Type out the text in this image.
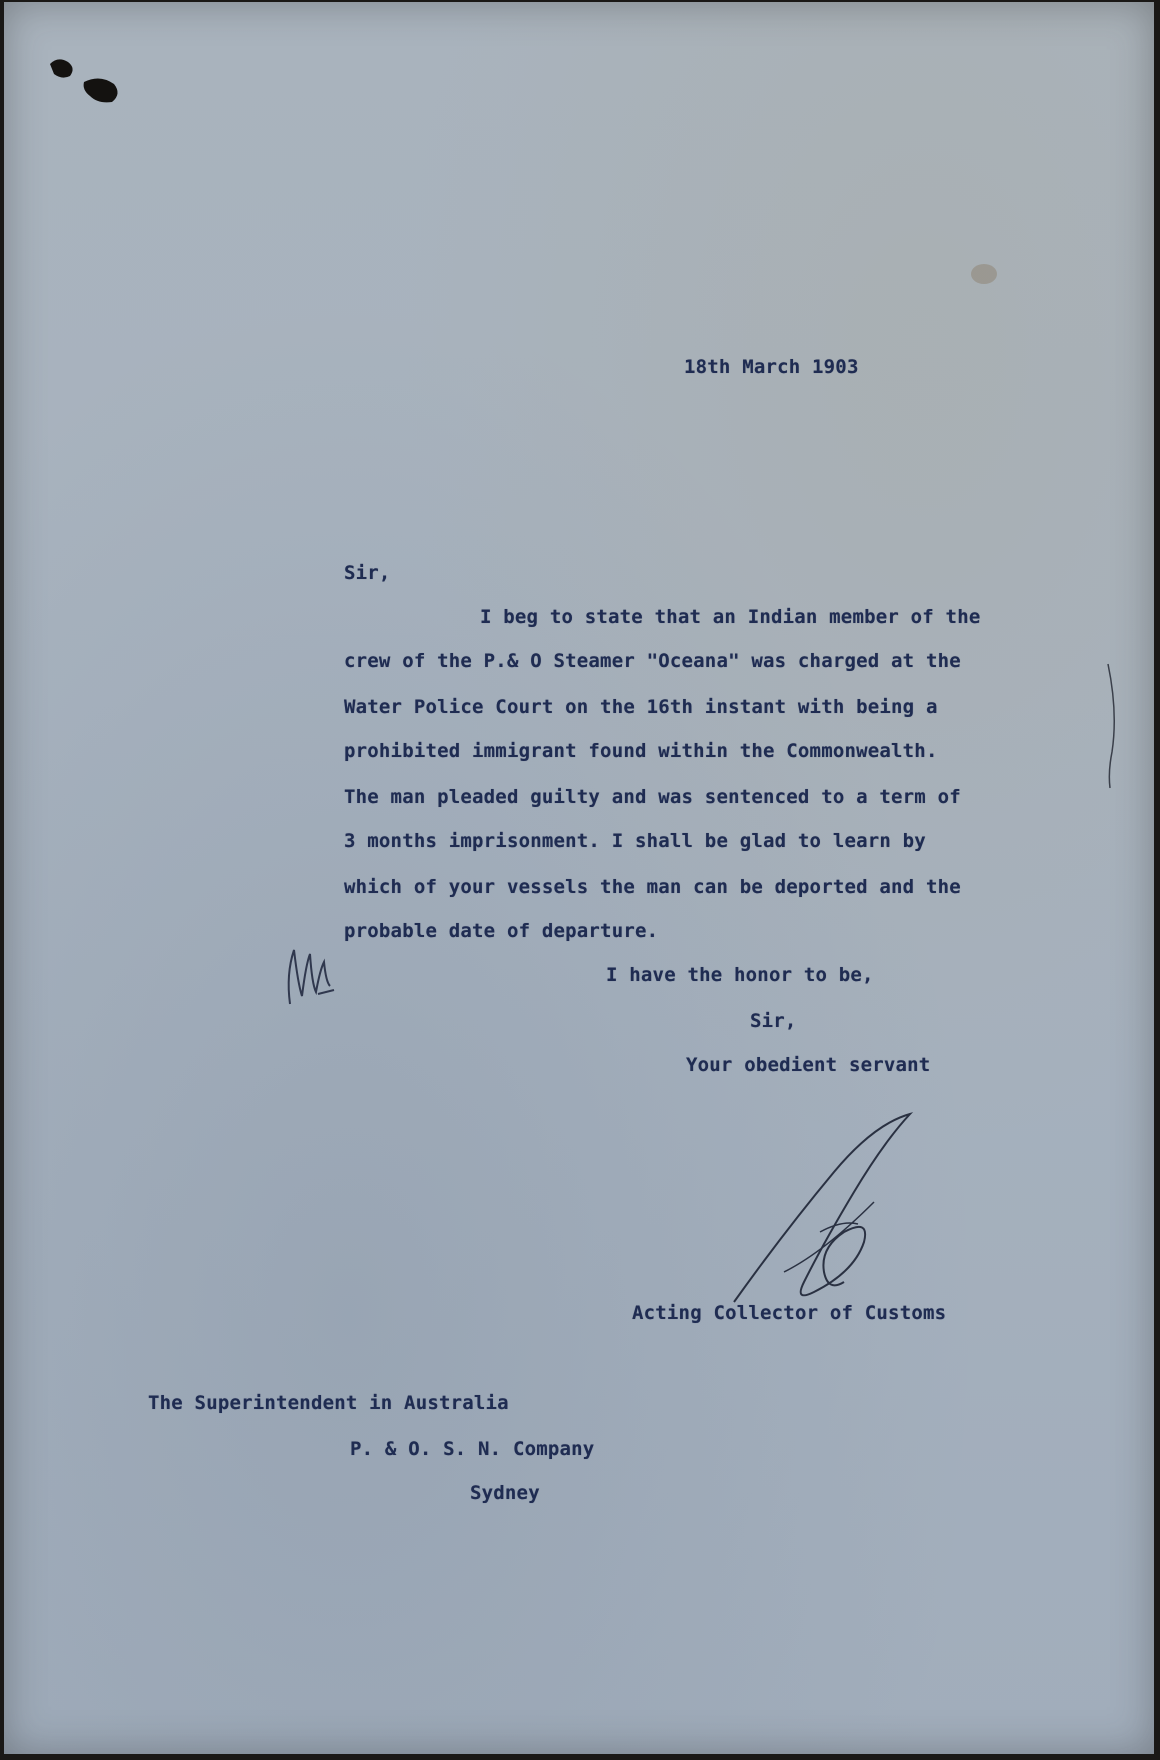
18th March 1903
Sir,
I beg to state that an Indian member of the
crew of the P.& O Steamer "Oceana" was charged at the
Water Police Court on the 16th instant with being a
prohibited immigrant found within the Commonwealth.
The man pleaded guilty and was sentenced to a term of
3 months imprisonment. I shall be glad to learn by
which of your vessels the man can be deported and the
probable date of departure.
I have the honor to be,
Sir,
Your obedient servant
Acting Collector of Customs
The Superintendent in Australia
P. & O. S. N. Company
Sydney
